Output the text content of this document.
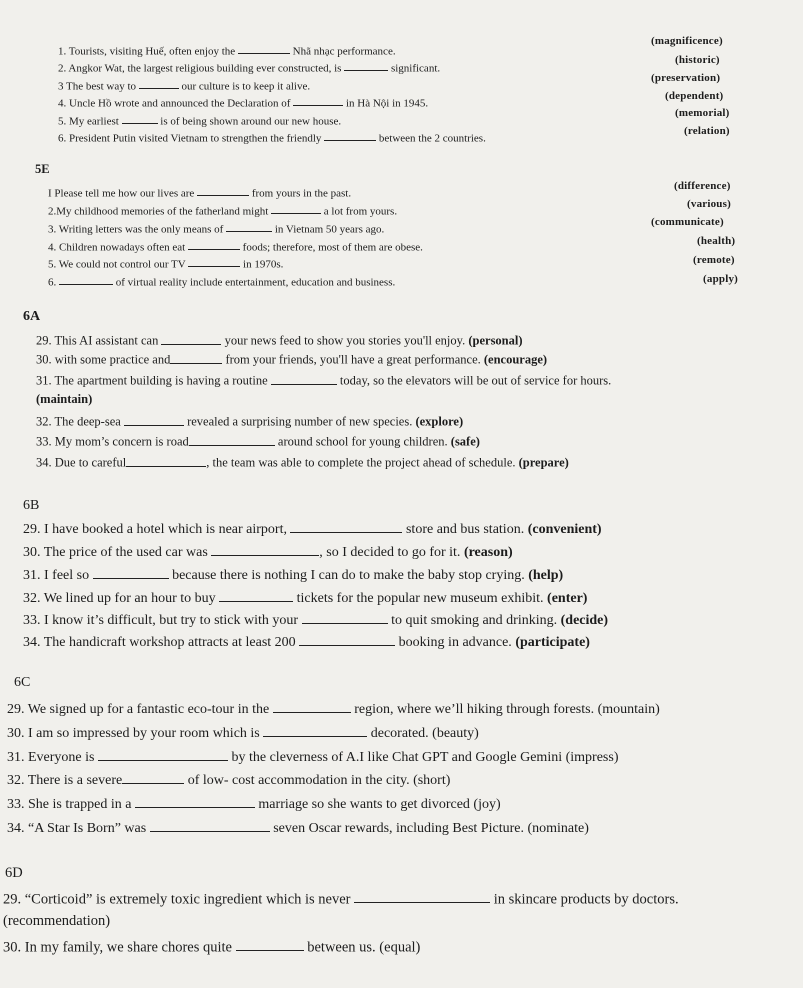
1. Tourists, visiting Huế, often enjoy the	Nhã nhạc performance.
2. Angkor Wat, the largest religious building ever constructed, is	significant.
3 The best way to	our culture is to keep it alive.
4. Uncle Hồ wrote and announced the Declaration of	in Hà Nội in 1945.
5. My earliest	is of being shown around our new house.
6. President Putin visited Vietnam to strengthen the friendly	between the 2 countries.
(magnificence)
(historic)
(preservation)
(dependent)
(memorial)
(relation)
5E
I Please tell me how our lives are	from yours in the past.
2.My childhood memories of the fatherland might	a lot from yours.
3. Writing letters was the only means of	in Vietnam 50 years ago.
4. Children nowadays often eat	foods; therefore, most of them are obese.
5. We could not control our TV	in 1970s.
6.	of virtual reality include entertainment, education and business.
(difference)
(various)
(communicate)
(health)
(remote)
(apply)
6A
29. This AI assistant can	your news feed to show you stories you'll enjoy. (personal)
30. with some practice and	from your friends, you'll have a great performance. (encourage)
31. The apartment building is having a routine	today, so the elevators will be out of service for hours.
(maintain)
32. The deep-sea	revealed a surprising number of new species. (explore)
33. My mom’s concern is road	around school for young children. (safe)
34. Due to careful	, the team was able to complete the project ahead of schedule. (prepare)
6B
29. I have booked a hotel which is near airport,	store and bus station. (convenient)
30. The price of the used car was	, so I decided to go for it. (reason)
31. I feel so	because there is nothing I can do to make the baby stop crying. (help)
32. We lined up for an hour to buy	tickets for the popular new museum exhibit. (enter)
33. I know it’s difficult, but try to stick with your	to quit smoking and drinking. (decide)
34. The handicraft workshop attracts at least 200	booking in advance. (participate)
6C
29. We signed up for a fantastic eco-tour in the	region, where we’ll hiking through forests. (mountain)
30. I am so impressed by your room which is	decorated. (beauty)
31. Everyone is	by the cleverness of A.I like Chat GPT and Google Gemini (impress)
32. There is a severe	of low- cost accommodation in the city. (short)
33. She is trapped in a	marriage so she wants to get divorced (joy)
34. “A Star Is Born” was	seven Oscar rewards, including Best Picture. (nominate)
6D
29. “Corticoid” is extremely toxic ingredient which is never	in skincare products by doctors.
(recommendation)
30. In my family, we share chores quite	between us. (equal)
